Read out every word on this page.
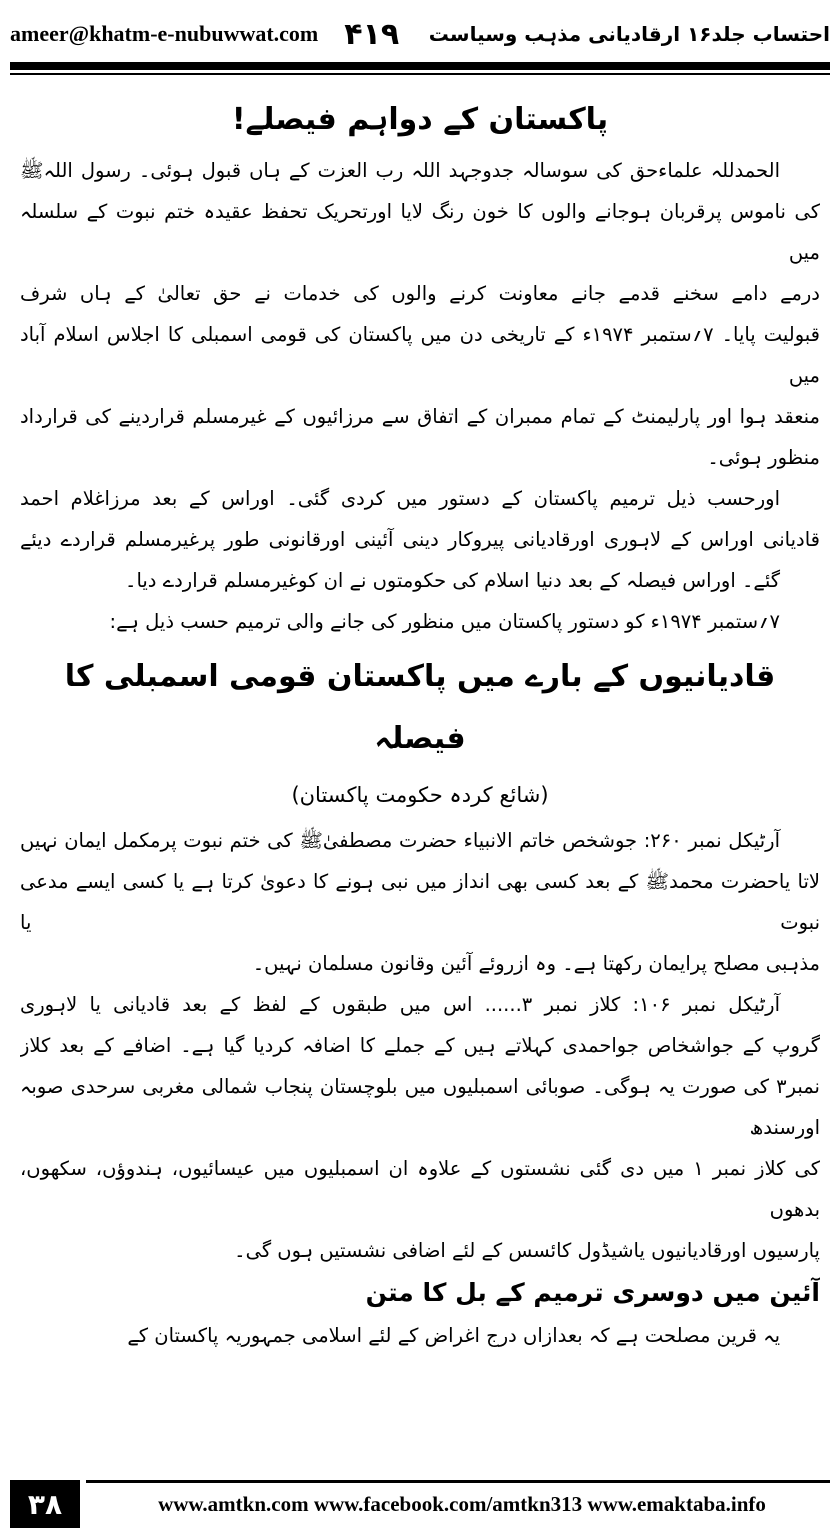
ameer@khatm-e-nubuwwat.com ۴۱۹ احتساب جلد۱۶ ارقادیانی مذہب وسیاست
پاکستان کے دواہم فیصلے!

الحمدللہ علماءحق کی سوسالہ جدوجہد اللہ رب العزت کے ہاں قبول ہوئی۔ رسول اللہﷺ
کی ناموس پرقربان ہوجانے والوں کا خون رنگ لایا اورتحریک تحفظ عقیدہ ختم نبوت کے سلسلہ میں
درمے دامے سخنے قدمے جانے معاونت کرنے والوں کی خدمات نے حق تعالیٰ کے ہاں شرف
قبولیت پایا۔ ۷؍ستمبر ۱۹۷۴ء کے تاریخی دن میں پاکستان کی قومی اسمبلی کا اجلاس اسلام آباد میں
منعقد ہوا اور پارلیمنٹ کے تمام ممبران کے اتفاق سے مرزائیوں کے غیرمسلم قراردینے کی قرارداد
منظور ہوئی۔

اورحسب ذیل ترمیم پاکستان کے دستور میں کردی گئی۔ اوراس کے بعد مرزاغلام احمد
قادیانی اوراس کے لاہوری اورقادیانی پیروکار دینی آئینی اورقانونی طور پرغیرمسلم قراردے دیئے
گئے۔ اوراس فیصلہ کے بعد دنیا اسلام کی حکومتوں نے ان کوغیرمسلم قراردے دیا۔
۷؍ستمبر ۱۹۷۴ء کو دستور پاکستان میں منظور کی جانے والی ترمیم حسب ذیل ہے:

قادیانیوں کے بارے میں پاکستان قومی اسمبلی کا فیصلہ
(شائع کردہ حکومت پاکستان)

آرٹیکل نمبر ۲۶۰: جوشخص خاتم الانبیاء حضرت مصطفیٰﷺ کی ختم نبوت پرمکمل ایمان نہیں
لاتا یاحضرت محمدﷺ کے بعد کسی بھی انداز میں نبی ہونے کا دعویٰ کرتا ہے یا کسی ایسے مدعی نبوت یا
مذہبی مصلح پرایمان رکھتا ہے۔ وہ ازروئے آئین وقانون مسلمان نہیں۔

آرٹیکل نمبر ۱۰۶: کلاز نمبر ۳...... اس میں طبقوں کے لفظ کے بعد قادیانی یا لاہوری
گروپ کے جواشخاص جواحمدی کہلاتے ہیں کے جملے کا اضافہ کردیا گیا ہے۔ اضافے کے بعد کلاز
نمبر۳ کی صورت یہ ہوگی۔ صوبائی اسمبلیوں میں بلوچستان پنجاب شمالی مغربی سرحدی صوبہ اورسندھ
کی کلاز نمبر ۱ میں دی گئی نشستوں کے علاوہ ان اسمبلیوں میں عیسائیوں، ہندوؤں، سکھوں، بدھوں
پارسیوں اورقادیانیوں یاشیڈول کائسس کے لئے اضافی نشستیں ہوں گی۔

آئین میں دوسری ترمیم کے بل کا متن

یہ قرین مصلحت ہے کہ بعدازاں درج اغراض کے لئے اسلامی جمہوریہ پاکستان کے

۳۸	www.amtkn.com www.facebook.com/amtkn313 www.emaktaba.info
